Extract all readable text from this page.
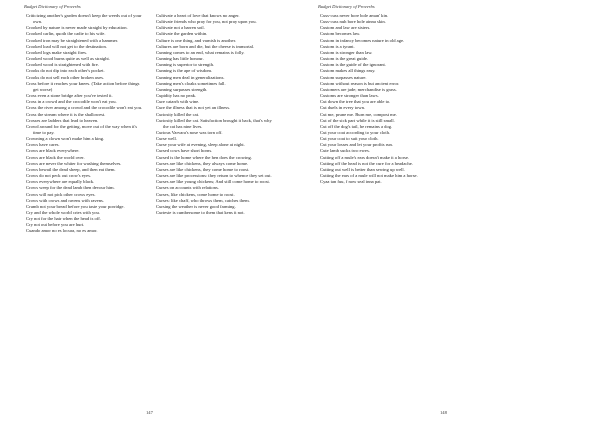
Budget Dictionary of Proverbs

Criticizing another's garden doesn't keep the weeds out of your own.

Crooked by nature is never made straight by education.

Crooked carlin, quoth the cadie to his wife.

Crooked iron may be straightened with a hammer.

Crooked load will not get to the destination.

Crooked logs make straight fires.

Crooked wood burns quite as well as straight.

Crooked wood is straightened with fire.

Crooks do not dip into each other's pocket.

Crooks do not sell each other broken axes.

Cross before it reaches your knees. (Take action before things get worse)

Cross even a stone bridge after you've tested it.

Cross in a crowd and the crocodile won't eat you.

Cross the river among a crowd and the crocodile won't eat you.

Cross the stream where it is the shallowest.

Crosses are ladders that lead to heaven.

Crowd around for the getting, move out of the way when it's time to pay.

Crowning a clown won't make him a king.

Crows have cares.

Crows are black everywhere.

Crows are black the world over.

Crows are never the whiter for washing themselves.

Crows bewail the dead sheep, and then eat them.

Crows do not peck out crow's eyes.

Crows everywhere are equally black.

Crows weep for the dead lamb then devour him.

Crows will not pick other crows eyes.

Crows with crows and ravens with ravens.

Crumb not your bread before you taste your porridge.

Cry and the whole world cries with you.

Cry not for the hair when the head is off.

Cry not out before you are hurt.

Cuando amor no es locura, no es amor.

Cultivate a heart of love that knows no anger.

Cultivate friends who pray for you, not pray upon you.

Cultivate not a barren soil.

Cultivate the garden within.

Culture is one thing, and varnish is another.

Cultures are born and die, but the cheese is immortal.

Cunning comes to an end, what remains is folly.

Cunning has little honour.

Cunning is superior to strength.

Cunning is the ape of wisdom.

Cunning men deal in generalizations.

Cunning men's cloaks sometimes fall.

Cunning surpasses strength.

Cupidity has no peak.

Cure catarrh with wine.

Cure the illness that is not yet an illness.

Curiosity killed the cat.

Curiosity killed the cat. Satisfaction brought it back, that's why the cat has nine lives.

Curious Varvara's nose was torn off.

Curse well.

Curse your wife at evening, sleep alone at night.

Cursed cows have short horns.

Cursed is the home where the hen does the crowing.

Curses are like chickens, they always come home.

Curses are like chickens, they come home to roost.

Curses are like processions: they return to whence they set out.

Curses are like young chickens; And still come home to roost.

Curses on accounts with relations.

Curses, like chickens, come home to roost.

Curses: like chaff, who throws them, catches them.

Cursing the weather is never good farming.

Curtesie is cumbersome to them that kens it not.

147
Budget Dictionary of Proverbs

Cuss-cuss never bore bole aman' kin.

Cuss-cuss nuh bore hole ainna skin.

Custom and law are sisters.

Custom becomes law.

Custom in infancy becomes nature in old age.

Custom is a tyrant.

Custom is stronger than law.

Custom is the great guide.

Custom is the guide of the ignorant.

Custom makes all things easy.

Custom surpasses nature.

Custom without reason is but ancient error.

Customers are jade; merchandise is grass.

Customs are stronger than laws.

Cut down the tree that you are able to.

Cut duels in every town.

Cut me, prune me. Burn me, compost me.

Cut of the sick part while it is still small.

Cut off the dog's tail, he remains a dog.

Cut your coat according to your cloth.

Cut your coat to suit your cloth.

Cut your losses and let your profits run.

Cute lamb sucks two ewes.

Cutting off a mule's ears doesn't make it a horse.

Cutting off the head is not the cure for a headache.

Cutting out well is better than sewing up well.

Cutting the ears of a mule will not make him a horse.

Cyaa tan fuu, f now seal inna pat.

148
